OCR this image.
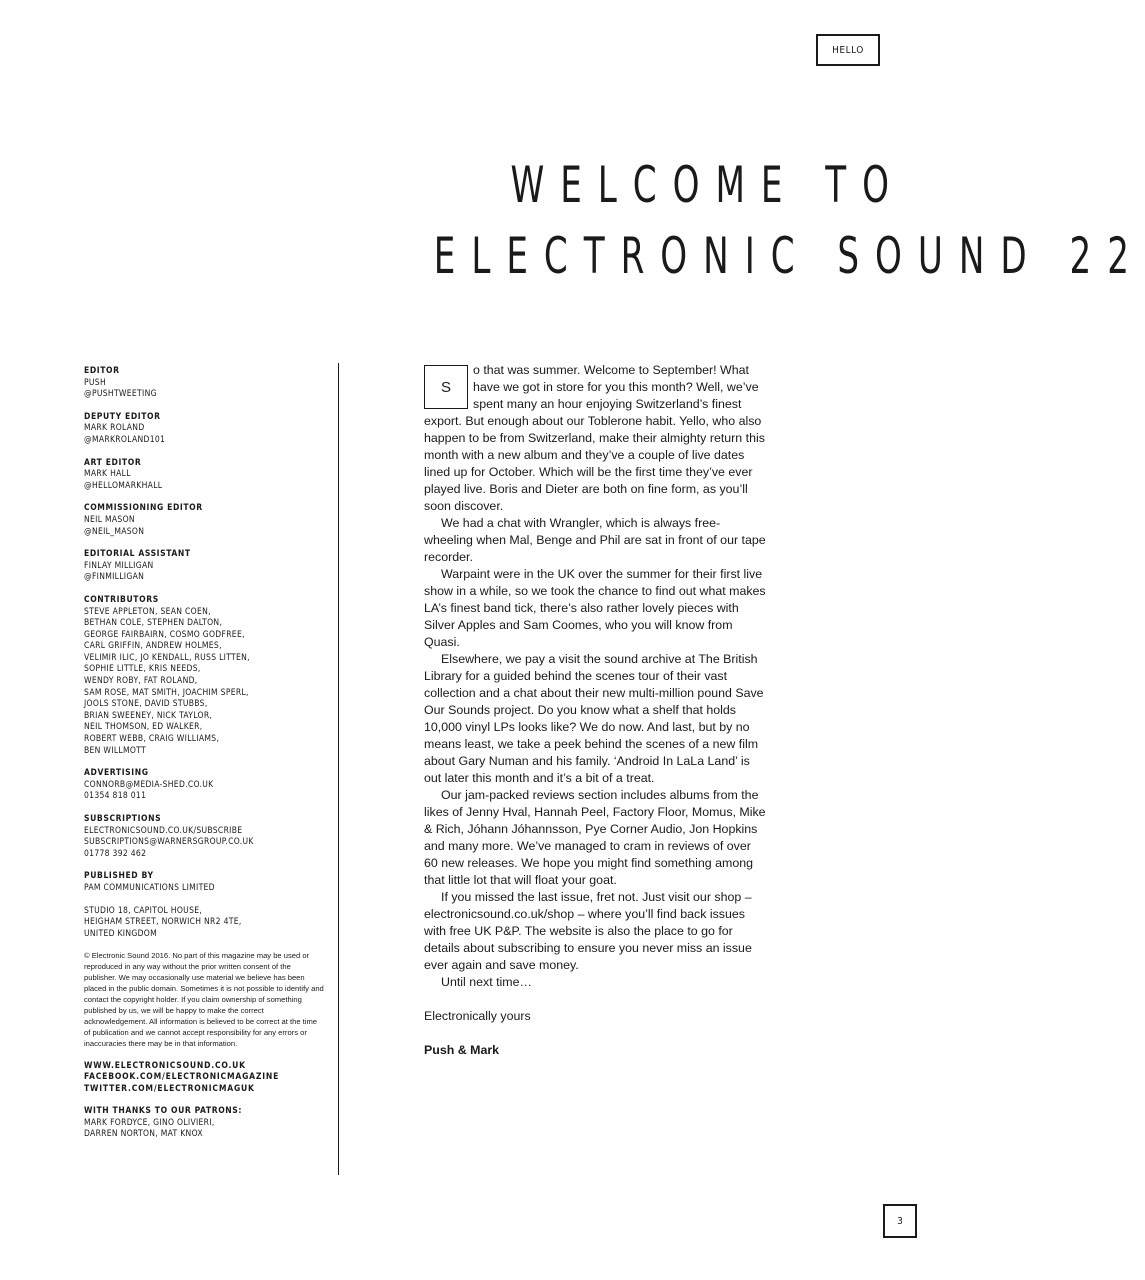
HELLO
WELCOME TO
ELECTRONIC SOUND 22
EDITOR
PUSH
@PUSHTWEETING
DEPUTY EDITOR
MARK ROLAND
@MARKROLAND101
ART EDITOR
MARK HALL
@HELLOMARKHALL
COMMISSIONING EDITOR
NEIL MASON
@NEIL_MASON
EDITORIAL ASSISTANT
FINLAY MILLIGAN
@FINMILLIGAN
CONTRIBUTORS
STEVE APPLETON, SEAN COEN,
BETHAN COLE, STEPHEN DALTON,
GEORGE FAIRBAIRN, COSMO GODFREE,
CARL GRIFFIN, ANDREW HOLMES,
VELIMIR ILIC, JO KENDALL, RUSS LITTEN,
SOPHIE LITTLE, KRIS NEEDS,
WENDY ROBY, FAT ROLAND,
SAM ROSE, MAT SMITH, JOACHIM SPERL,
JOOLS STONE, DAVID STUBBS,
BRIAN SWEENEY, NICK TAYLOR,
NEIL THOMSON, ED WALKER,
ROBERT WEBB, CRAIG WILLIAMS,
BEN WILLMOTT
ADVERTISING
CONNORB@MEDIA-SHED.CO.UK
01354 818 011
SUBSCRIPTIONS
ELECTRONICSOUND.CO.UK/SUBSCRIBE
SUBSCRIPTIONS@WARNERSGROUP.CO.UK
01778 392 462
PUBLISHED BY
PAM COMMUNICATIONS LIMITED
STUDIO 18, CAPITOL HOUSE,
HEIGHAM STREET, NORWICH NR2 4TE,
UNITED KINGDOM
© Electronic Sound 2016. No part of this magazine may be used or reproduced in any way without the prior written consent of the publisher. We may occasionally use material we believe has been placed in the public domain. Sometimes it is not possible to identify and contact the copyright holder. If you claim ownership of something published by us, we will be happy to make the correct acknowledgement. All information is believed to be correct at the time of publication and we cannot accept responsibility for any errors or inaccuracies there may be in that information.
WWW.ELECTRONICSOUND.CO.UK
FACEBOOK.COM/ELECTRONICMAGAZINE
TWITTER.COM/ELECTRONICMAGUK
WITH THANKS TO OUR PATRONS:
MARK FORDYCE, GINO OLIVIERI,
DARREN NORTON, MAT KNOX
S

o that was summer. Welcome to September! What have we got in store for you this month? Well, we’ve spent many an hour enjoying Switzerland’s finest export. But enough about our Toblerone habit. Yello, who also happen to be from Switzerland, make their almighty return this month with a new album and they’ve a couple of live dates lined up for October. Which will be the first time they’ve ever played live. Boris and Dieter are both on fine form, as you’ll soon discover.

We had a chat with Wrangler, which is always free-wheeling when Mal, Benge and Phil are sat in front of our tape recorder.

Warpaint were in the UK over the summer for their first live show in a while, so we took the chance to find out what makes LA’s finest band tick, there’s also rather lovely pieces with Silver Apples and Sam Coomes, who you will know from Quasi.

Elsewhere, we pay a visit the sound archive at The British Library for a guided behind the scenes tour of their vast collection and a chat about their new multi-million pound Save Our Sounds project. Do you know what a shelf that holds 10,000 vinyl LPs looks like? We do now. And last, but by no means least, we take a peek behind the scenes of a new film about Gary Numan and his family. ‘Android In LaLa Land’ is out later this month and it’s a bit of a treat.

Our jam-packed reviews section includes albums from the likes of Jenny Hval, Hannah Peel, Factory Floor, Momus, Mike & Rich, Jóhann Jóhannsson, Pye Corner Audio, Jon Hopkins and many more. We’ve managed to cram in reviews of over 60 new releases. We hope you might find something among that little lot that will float your goat.

If you missed the last issue, fret not. Just visit our shop – electronicsound.co.uk/shop – where you’ll find back issues with free UK P&P. The website is also the place to go for details about subscribing to ensure you never miss an issue ever again and save money.

Until next time…

Electronically yours

Push & Mark

3
